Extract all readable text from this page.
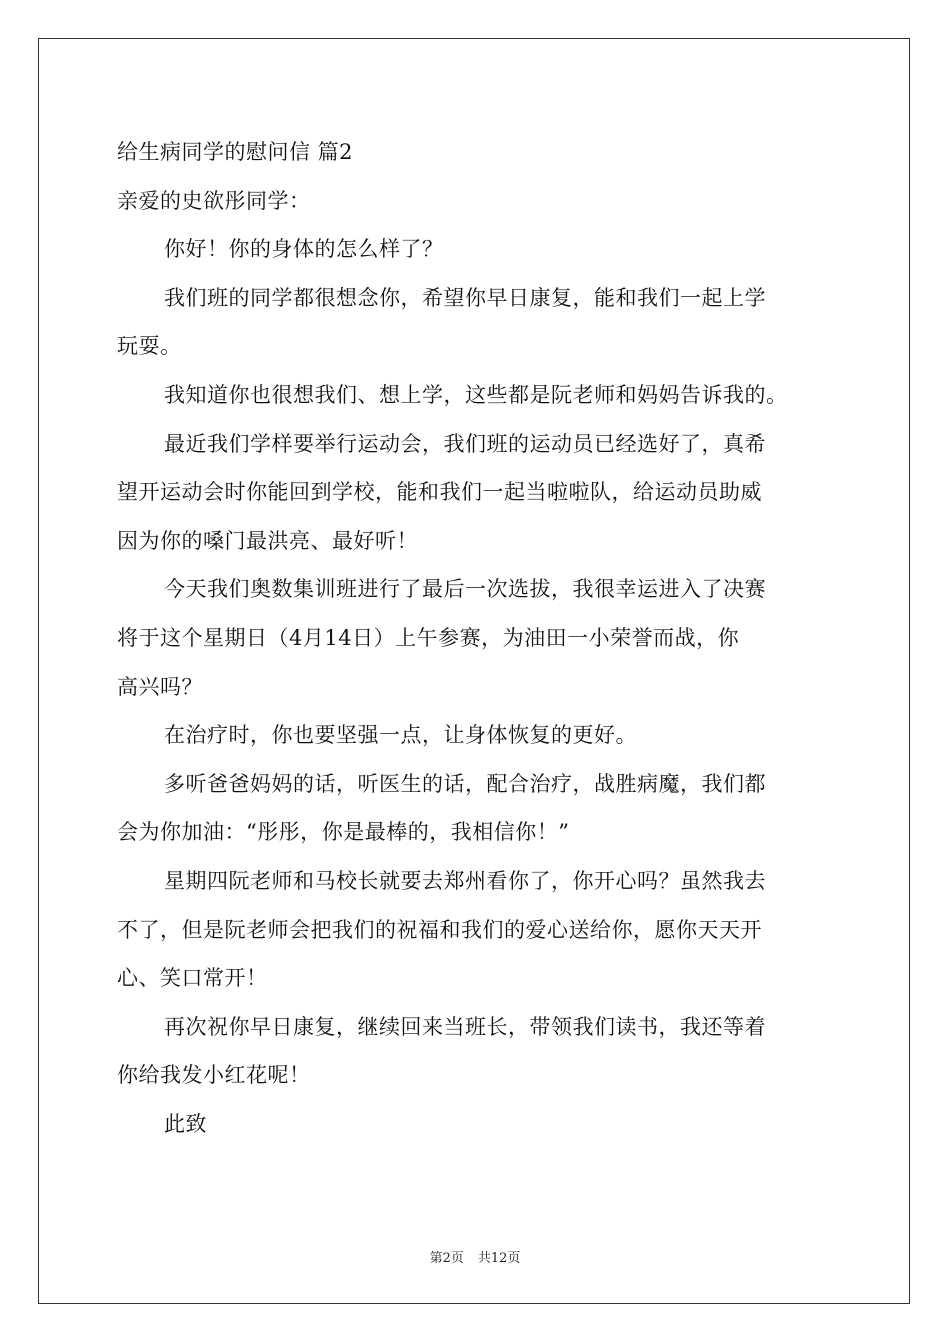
给生病同学的慰问信 篇2
亲爱的史欲彤同学：
你好！你的身体的怎么样了？
我们班的同学都很想念你，希望你早日康复，能和我们一起上学
玩耍。
我知道你也很想我们、想上学，这些都是阮老师和妈妈告诉我的。
最近我们学样要举行运动会，我们班的运动员已经选好了，真希
望开运动会时你能回到学校，能和我们一起当啦啦队，给运动员助威
因为你的嗓门最洪亮、最好听！
今天我们奥数集训班进行了最后一次选拔，我很幸运进入了决赛
将于这个星期日（4月14日）上午参赛，为油田一小荣誉而战，你
高兴吗？
在治疗时，你也要坚强一点，让身体恢复的更好。
多听爸爸妈妈的话，听医生的话，配合治疗，战胜病魔，我们都
会为你加油：“彤彤，你是最棒的，我相信你！”
星期四阮老师和马校长就要去郑州看你了，你开心吗？虽然我去
不了，但是阮老师会把我们的祝福和我们的爱心送给你，愿你天天开
心、笑口常开！
再次祝你早日康复，继续回来当班长，带领我们读书，我还等着
你给我发小红花呢！
此致
第2页 共12页
